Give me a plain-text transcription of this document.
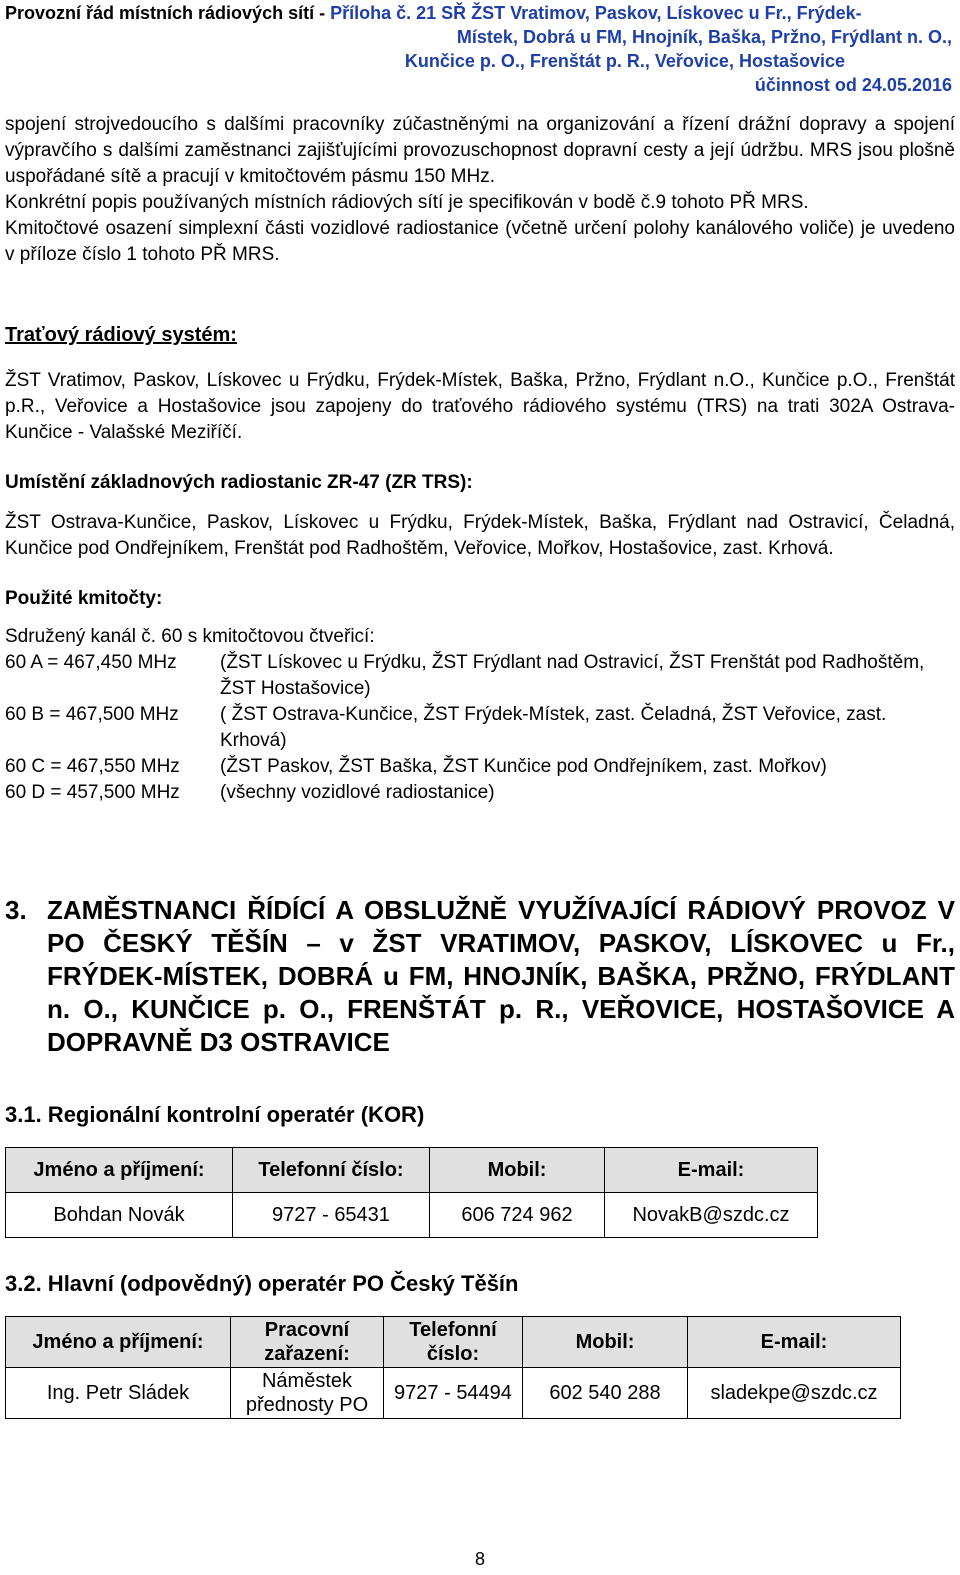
Provozní řád místních rádiových sítí - Příloha č. 21 SŘ ŽST Vratimov, Paskov, Lískovec u Fr., Frýdek-
Místek, Dobrá u FM, Hnojník, Baška, Pržno, Frýdlant n. O.,
Kunčice p. O., Frenštát p. R., Veřovice, Hostašovice
účinnost od 24.05.2016

spojení strojvedoucího s dalšími pracovníky zúčastněnými na organizování a řízení drážní dopravy a spojení výpravčího s dalšími zaměstnanci zajišťujícími provozuschopnost dopravní cesty a její údržbu. MRS jsou plošně uspořádané sítě a pracují v kmitočtovém pásmu 150 MHz.

Konkrétní popis používaných místních rádiových sítí je specifikován v bodě č.9 tohoto PŘ MRS.

Kmitočtové osazení simplexní části vozidlové radiostanice (včetně určení polohy kanálového voliče) je uvedeno v příloze číslo 1 tohoto PŘ MRS.

Traťový rádiový systém:

ŽST Vratimov, Paskov, Lískovec u Frýdku, Frýdek-Místek, Baška, Pržno, Frýdlant n.O., Kunčice p.O., Frenštát p.R., Veřovice a Hostašovice jsou zapojeny do traťového rádiového systému (TRS) na trati 302A Ostrava-Kunčice - Valašské Meziříčí.

Umístění základnových radiostanic ZR-47 (ZR TRS):

ŽST Ostrava-Kunčice, Paskov, Lískovec u Frýdku, Frýdek-Místek, Baška, Frýdlant nad Ostravicí, Čeladná, Kunčice pod Ondřejníkem, Frenštát pod Radhoštěm, Veřovice, Mořkov, Hostašovice, zast. Krhová.

Použité kmitočty:

Sdružený kanál č. 60 s kmitočtovou čtveřicí:

60 A = 467,450 MHz	(ŽST Lískovec u Frýdku, ŽST Frýdlant nad Ostravicí, ŽST Frenštát pod Radhoštěm, ŽST Hostašovice)
60 B = 467,500 MHz	( ŽST Ostrava-Kunčice, ŽST Frýdek-Místek, zast. Čeladná, ŽST Veřovice, zast. Krhová)
60 C = 467,550 MHz	(ŽST Paskov, ŽST Baška, ŽST Kunčice pod Ondřejníkem, zast. Mořkov)
60 D = 457,500 MHz	(všechny vozidlové radiostanice)
3. ZAMĚSTNANCI ŘÍDÍCÍ A OBSLUŽNĚ VYUŽÍVAJÍCÍ RÁDIOVÝ PROVOZ V PO ČESKÝ TĚŠÍN – v ŽST VRATIMOV, PASKOV, LÍSKOVEC u Fr., FRÝDEK-MÍSTEK, DOBRÁ u FM, HNOJNÍK, BAŠKA, PRŽNO, FRÝDLANT n. O., KUNČICE p. O., FRENŠTÁT p. R., VEŘOVICE, HOSTAŠOVICE A DOPRAVNĚ D3 OSTRAVICE

3.1. Regionální kontrolní operatér (KOR)

Jméno a příjmení:	Telefonní číslo:	Mobil:	E-mail:
Bohdan Novák	9727 - 65431	606 724 962	NovakB@szdc.cz

3.2. Hlavní (odpovědný) operatér PO Český Těšín

Jméno a příjmení:	Pracovní zařazení:	Telefonní číslo:	Mobil:	E-mail:
Ing. Petr Sládek	Náměstek přednosty PO	9727 - 54494	602 540 288	sladekpe@szdc.cz
8
